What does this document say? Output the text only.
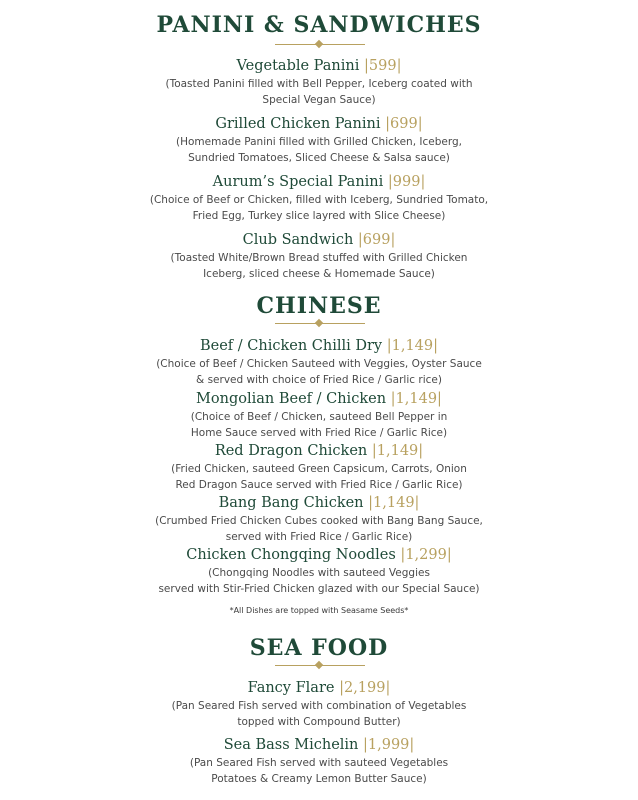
PANINI & SANDWICHES
Vegetable Panini |599|
(Toasted Panini filled with Bell Pepper, Iceberg coated with
Special Vegan Sauce)
Grilled Chicken Panini |699|
(Homemade Panini filled with Grilled Chicken, Iceberg,
Sundried Tomatoes, Sliced Cheese & Salsa sauce)
Aurum’s Special Panini |999|
(Choice of Beef or Chicken, filled with Iceberg, Sundried Tomato,
Fried Egg, Turkey slice layred with Slice Cheese)
Club Sandwich |699|
(Toasted White/Brown Bread stuffed with Grilled Chicken
Iceberg, sliced cheese & Homemade Sauce)
CHINESE
Beef / Chicken Chilli Dry |1,149|
(Choice of Beef / Chicken Sauteed with Veggies, Oyster Sauce
& served with choice of Fried Rice / Garlic rice)
Mongolian Beef / Chicken |1,149|
(Choice of Beef / Chicken, sauteed Bell Pepper in
Home Sauce served with Fried Rice / Garlic Rice)
Red Dragon Chicken |1,149|
(Fried Chicken, sauteed Green Capsicum, Carrots, Onion
Red Dragon Sauce served with Fried Rice / Garlic Rice)
Bang Bang Chicken |1,149|
(Crumbed Fried Chicken Cubes cooked with Bang Bang Sauce,
served with Fried Rice / Garlic Rice)
Chicken Chongqing Noodles |1,299|
(Chongqing Noodles with sauteed Veggies
served with Stir-Fried Chicken glazed with our Special Sauce)
*All Dishes are topped with Seasame Seeds*
SEA FOOD
Fancy Flare |2,199|
(Pan Seared Fish served with combination of Vegetables
topped with Compound Butter)
Sea Bass Michelin |1,999|
(Pan Seared Fish served with sauteed Vegetables
Potatoes & Creamy Lemon Butter Sauce)
